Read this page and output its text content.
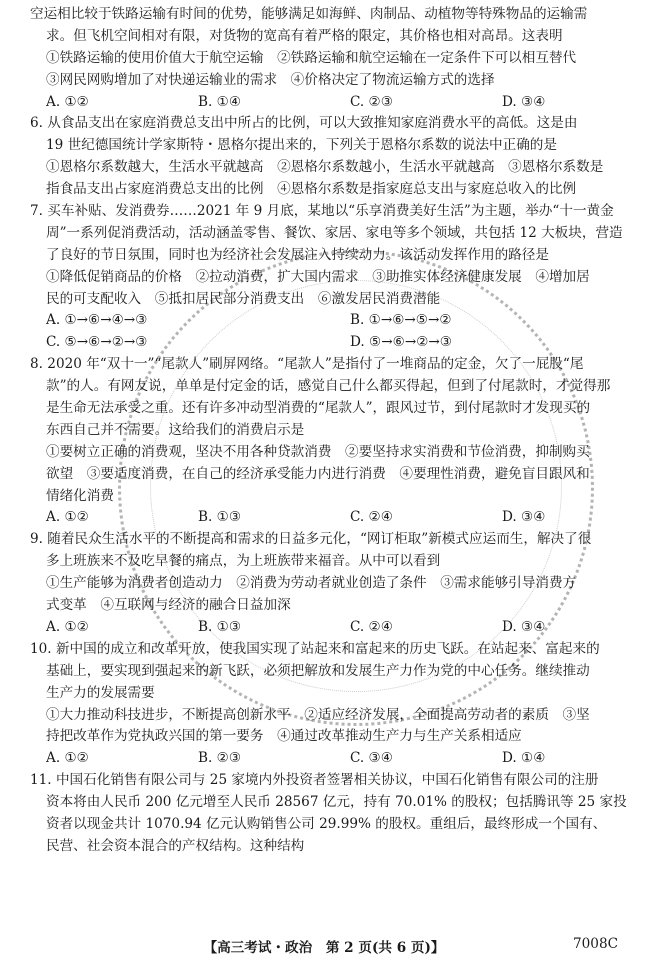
空运相比较于铁路运输有时间的优势，能够满足如海鲜、肉制品、动植物等特殊物品的运输需
求。但飞机空间相对有限，对货物的宽高有着严格的限定，其价格也相对高昂。这表明
①铁路运输的使用价值大于航空运输　②铁路运输和航空运输在一定条件下可以相互替代
③网民网购增加了对快递运输业的需求　④价格决定了物流运输方式的选择
A. ①②	B. ①④	C. ②③	D. ③④
6. 从食品支出在家庭消费总支出中所占的比例，可以大致推知家庭消费水平的高低。这是由
19 世纪德国统计学家斯特・恩格尔提出来的，下列关于恩格尔系数的说法中正确的是
①恩格尔系数越大，生活水平就越高　②恩格尔系数越小，生活水平就越高　③恩格尔系数是
指食品支出占家庭消费总支出的比例　④恩格尔系数是指家庭总支出与家庭总收入的比例
7. 买车补贴、发消费券……2021 年 9 月底，某地以“乐享消费美好生活”为主题，举办“十一黄金
周”一系列促消费活动，活动涵盖零售、餐饮、家居、家电等多个领域，共包括 12 大板块，营造
了良好的节日氛围，同时也为经济社会发展注入持续动力。该活动发挥作用的路径是
①降低促销商品的价格　②拉动消费，扩大国内需求　③助推实体经济健康发展　④增加居
民的可支配收入　⑤抵扣居民部分消费支出　⑥激发居民消费潜能
A. ①→⑥→④→③	B. ①→⑥→⑤→②
C. ⑤→⑥→②→③	D. ⑤→⑥→②→③
8. 2020 年“双十一”“尾款人”刷屏网络。“尾款人”是指付了一堆商品的定金，欠了一屁股“尾
款”的人。有网友说，单单是付定金的话，感觉自己什么都买得起，但到了付尾款时，才觉得那
是生命无法承受之重。还有许多冲动型消费的“尾款人”，跟风过节，到付尾款时才发现买的
东西自己并不需要。这给我们的消费启示是
①要树立正确的消费观，坚决不用各种贷款消费　②要坚持求实消费和节俭消费，抑制购买
欲望　③要适度消费，在自己的经济承受能力内进行消费　④要理性消费，避免盲目跟风和
情绪化消费
A. ①②	B. ①③	C. ②④	D. ③④
9. 随着民众生活水平的不断提高和需求的日益多元化，“网订柜取”新模式应运而生，解决了很
多上班族来不及吃早餐的痛点，为上班族带来福音。从中可以看到
①生产能够为消费者创造动力　②消费为劳动者就业创造了条件　③需求能够引导消费方
式变革　④互联网与经济的融合日益加深
A. ①②	B. ①③	C. ②④	D. ③④
10. 新中国的成立和改革开放，使我国实现了站起来和富起来的历史飞跃。在站起来、富起来的
基础上，要实现到强起来的新飞跃，必须把解放和发展生产力作为党的中心任务。继续推动
生产力的发展需要
①大力推动科技进步，不断提高创新水平　②适应经济发展，全面提高劳动者的素质　③坚
持把改革作为党执政兴国的第一要务　④通过改革推动生产力与生产关系相适应
A. ①②	B. ②③	C. ③④	D. ①④
11. 中国石化销售有限公司与 25 家境内外投资者签署相关协议，中国石化销售有限公司的注册
资本将由人民币 200 亿元增至人民币 28567 亿元，持有 70.01% 的股权；包括腾讯等 25 家投
资者以现金共计 1070.94 亿元认购销售公司 29.99% 的股权。重组后，最终形成一个国有、
民营、社会资本混合的产权结构。这种结构
【高三考试・政治　第 2 页(共 6 页)】	7008C
